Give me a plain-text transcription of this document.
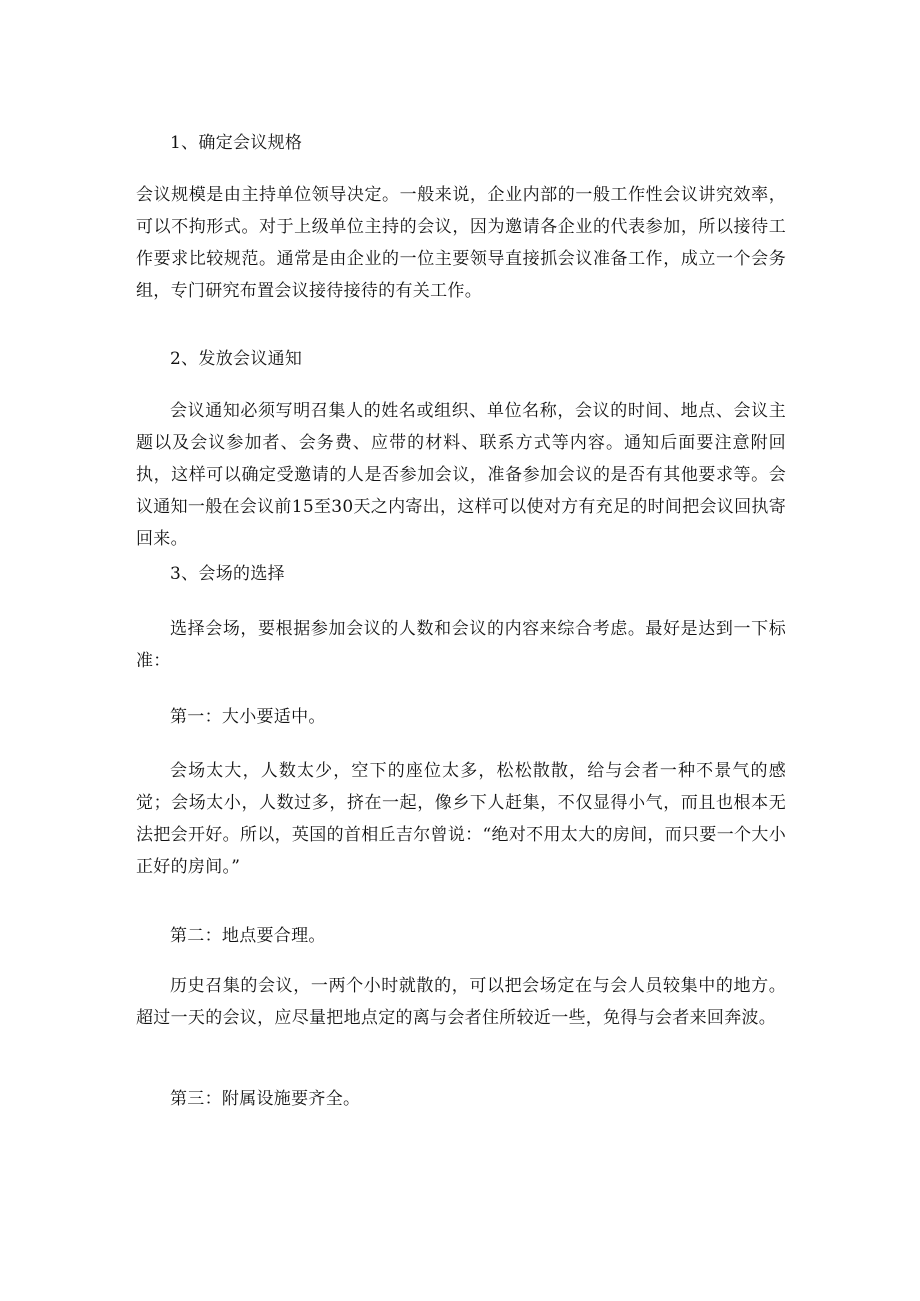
1、确定会议规格

会议规模是由主持单位领导决定。一般来说，企业内部的一般工作性会议讲究效率，可以不拘形式。对于上级单位主持的会议，因为邀请各企业的代表参加，所以接待工作要求比较规范。通常是由企业的一位主要领导直接抓会议准备工作，成立一个会务组，专门研究布置会议接待接待的有关工作。

2、发放会议通知

会议通知必须写明召集人的姓名或组织、单位名称，会议的时间、地点、会议主题以及会议参加者、会务费、应带的材料、联系方式等内容。通知后面要注意附回执，这样可以确定受邀请的人是否参加会议，准备参加会议的是否有其他要求等。会议通知一般在会议前15至30天之内寄出，这样可以使对方有充足的时间把会议回执寄回来。

3、会场的选择

选择会场，要根据参加会议的人数和会议的内容来综合考虑。最好是达到一下标准：

第一：大小要适中。

会场太大，人数太少，空下的座位太多，松松散散，给与会者一种不景气的感觉；会场太小，人数过多，挤在一起，像乡下人赶集，不仅显得小气，而且也根本无法把会开好。所以，英国的首相丘吉尔曾说：“绝对不用太大的房间，而只要一个大小正好的房间。”

第二：地点要合理。

历史召集的会议，一两个小时就散的，可以把会场定在与会人员较集中的地方。超过一天的会议，应尽量把地点定的离与会者住所较近一些，免得与会者来回奔波。

第三：附属设施要齐全。
